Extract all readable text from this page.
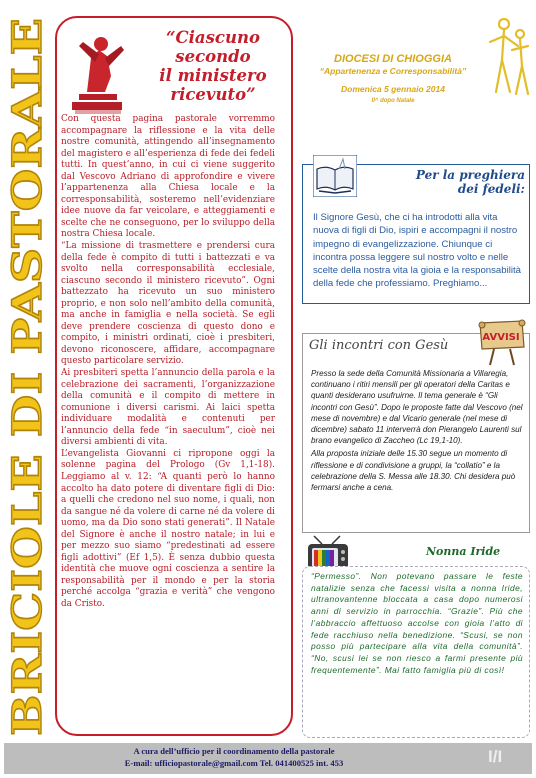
BRICIOLE DI PASTORALE
“Ciascuno
secondo
il ministero
ricevuto”

Con questa pagina pastorale vorremmo accompagnare la riflessione e la vita delle nostre comunità, attingendo all’insegnamento del magistero e all’esperienza di fede dei fedeli tutti. In quest’anno, in cui ci viene suggerito dal Vescovo Adriano di approfondire e vivere l’appartenenza alla Chiesa locale e la corresponsabilità, sosteremo nell’evidenziare idee nuove da far veicolare, e atteggiamenti e scelte che ne conseguono, per lo sviluppo della nostra Chiesa locale.

“La missione di trasmettere e prendersi cura della fede è compito di tutti i battezzati e va svolto nella corresponsabilità ecclesiale, ciascuno secondo il ministero ricevuto”. Ogni battezzato ha ricevuto un suo ministero proprio, e non solo nell’ambito della comunità, ma anche in famiglia e nella società. Se egli deve prendere coscienza di questo dono e compito, i ministri ordinati, cioè i presbiteri, devono riconoscere, affidare, accompagnare questo particolare servizio.

Ai presbiteri spetta l’annuncio della parola e la celebrazione dei sacramenti, l’organizzazione della comunità e il compito di mettere in comunione i diversi carismi. Ai laici spetta individuare modalità e contenuti per l’annuncio della fede “in saeculum”, cioè nei diversi ambienti di vita.

L’evangelista Giovanni ci ripropone oggi la solenne pagina del Prologo (Gv 1,1-18). Leggiamo al v. 12: “A quanti però lo hanno accolto ha dato potere di diventare figli di Dio: a quelli che credono nel suo nome, i quali, non da sangue né da volere di carne né da volere di uomo, ma da Dio sono stati generati”. Il Natale del Signore è anche il nostro natale; in lui e per mezzo suo siamo “predestinati ad essere figli adottivi” (Ef 1,5). È senza dubbio questa identità che muove ogni coscienza a sentire la responsabilità per il mondo e per la storia perché accolga “grazia e verità” che vengono da Cristo.

DIOCESI DI CHIOGGIA
“Appartenenza e Corresponsabilità”
Domenica 5 gennaio 2014
II^ dopo Natale
Per la preghiera
dei fedeli:
Il Signore Gesù, che ci ha introdotti alla vita nuova di figli di Dio, ispiri e accompagni il nostro impegno di evangelizzazione. Chiunque ci incontra possa leggere sul nostro volto e nelle scelte della nostra vita la gioia e la responsabilità della fede che professiamo. Preghiamo...
Gli incontri con Gesù

Presso la sede della Comunità Missionaria a Villaregia, continuano i ritiri mensili per gli operatori della Caritas e quanti desiderano usufruirne. Il tema generale è “Gli incontri con Gesù”. Dopo le proposte fatte dal Vescovo (nel mese di novembre) e dal Vicario generale (nel mese di dicembre) sabato 11 interverrà don Pierangelo Laurenti sul brano evangelico di Zaccheo (Lc 19,1-10).

Alla proposta iniziale delle 15.30 segue un momento di riflessione e di condivisione a gruppi, la “collatio” e la celebrazione della S. Messa alle 18.30. Chi desidera può fermarsi anche a cena.

AVVISI
Nonna Iride
“Permesso”. Non potevano passare le feste natalizie senza che facessi visita a nonna Iride, ultranovantenne bloccata a casa dopo numerosi anni di servizio in parrocchia. “Grazie”. Più che l’abbraccio affettuoso accolse con gioia l’atto di fede racchiuso nella benedizione. “Scusi, se non posso più partecipare alla vita della comunità”. “No, scusi lei se non riesco a farmi presente più frequentemente”. Mai fatto famiglia più di così!
A cura dell’ufficio per il coordinamento della pastorale
E-mail: ufficiopastorale@gmail.com Tel. 041400525 int. 453	I/I
